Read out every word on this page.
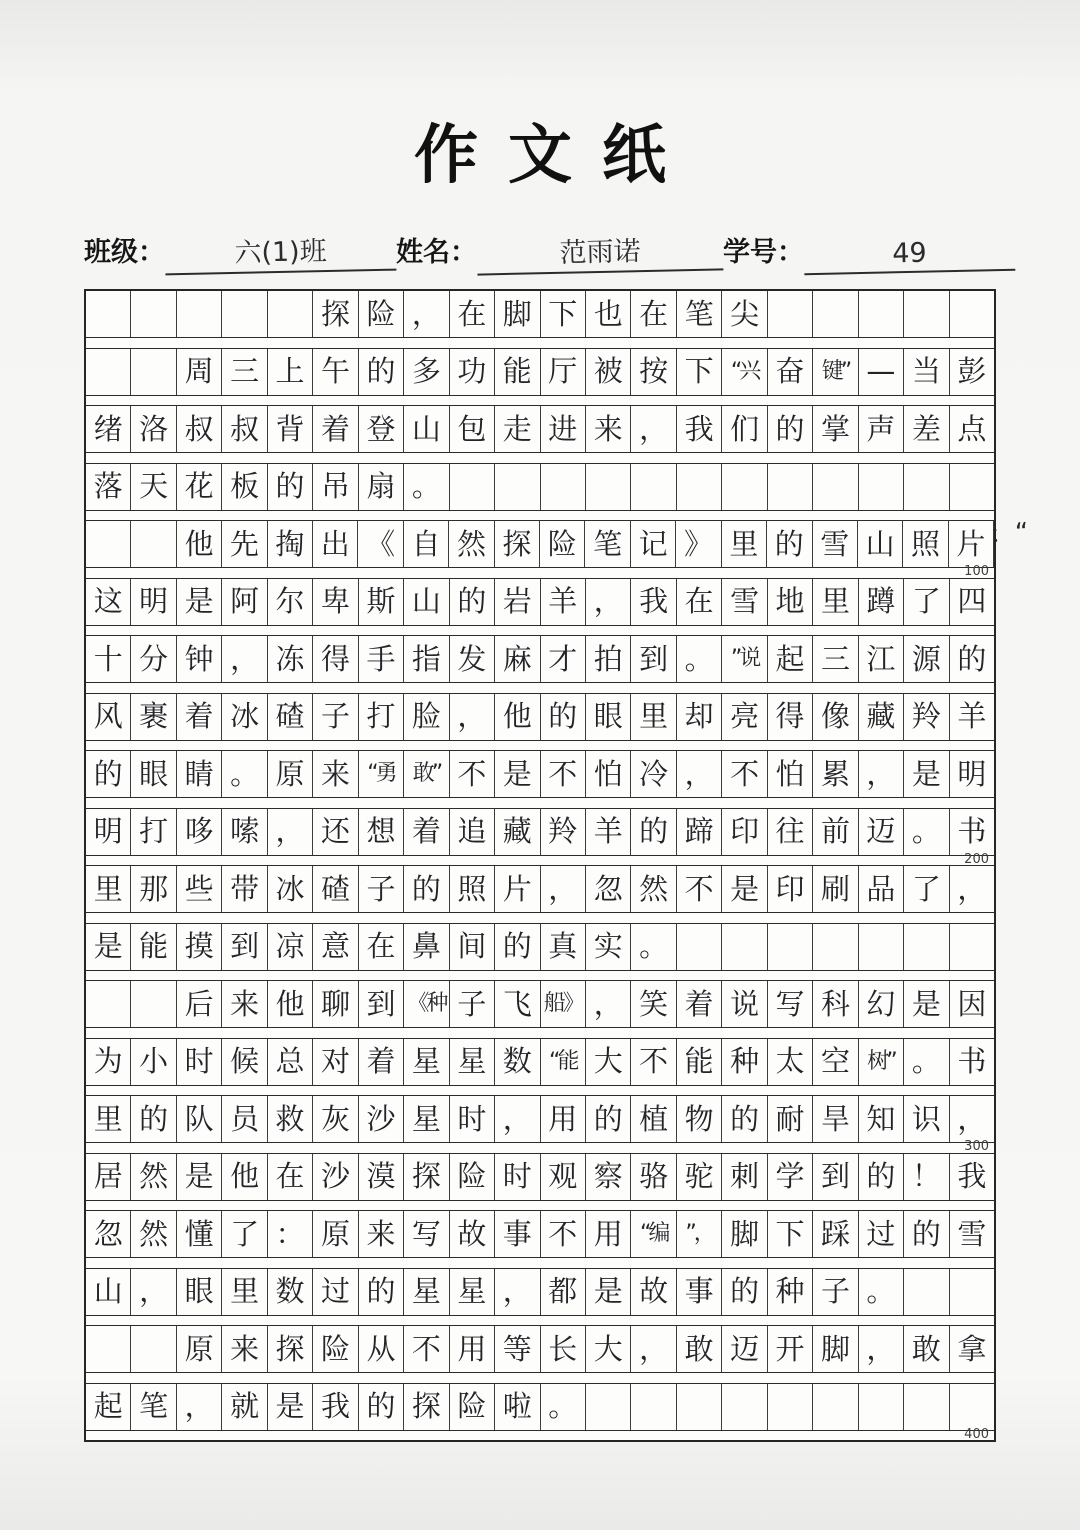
作文纸
班级：	六(1)班	姓名：	范雨诺	学号：	49
探 险 ， 在 脚 下 也 在 笔 尖
周 三 上 午 的 多 功 能 厅 被 按 下 “兴 奋 键” — 当 彭
绪 洛 叔 叔 背 着 登 山 包 走 进 来 ， 我 们 的 掌 声 差 点
落 天 花 板 的 吊 扇 。
他 先 掏 出 《 自 然 探 险 笔 记 》 里 的 雪 山 照 片 ：“
100
这 明 是 阿 尔 卑 斯 山 的 岩 羊 ， 我 在 雪 地 里 蹲 了 四
十 分 钟 ， 冻 得 手 指 发 麻 才 拍 到 。 ”说 起 三 江 源 的
风 裹 着 冰 碴 子 打 脸 ， 他 的 眼 里 却 亮 得 像 藏 羚 羊
的 眼 睛 。 原 来 “勇 敢” 不 是 不 怕 冷 ， 不 怕 累 ， 是 明
明 打 哆 嗦 ， 还 想 着 追 藏 羚 羊 的 蹄 印 往 前 迈 。 书
200
里 那 些 带 冰 碴 子 的 照 片 ， 忽 然 不 是 印 刷 品 了 ，
是 能 摸 到 凉 意 在 鼻 间 的 真 实 。
后 来 他 聊 到 《种 子 飞 船》 ， 笑 着 说 写 科 幻 是 因
为 小 时 候 总 对 着 星 星 数 “能 大 不 能 种 太 空 树” 。 书
里 的 队 员 救 灰 沙 星 时 ， 用 的 植 物 的 耐 旱 知 识 ，
300
居 然 是 他 在 沙 漠 探 险 时 观 察 骆 驼 刺 学 到 的 ！ 我
忽 然 懂 了 ： 原 来 写 故 事 不 用 “编 ”， 脚 下 踩 过 的 雪
山 ， 眼 里 数 过 的 星 星 ， 都 是 故 事 的 种 子 。
原 来 探 险 从 不 用 等 长 大 ， 敢 迈 开 脚 ， 敢 拿
起 笔 ， 就 是 我 的 探 险 啦 。
400
